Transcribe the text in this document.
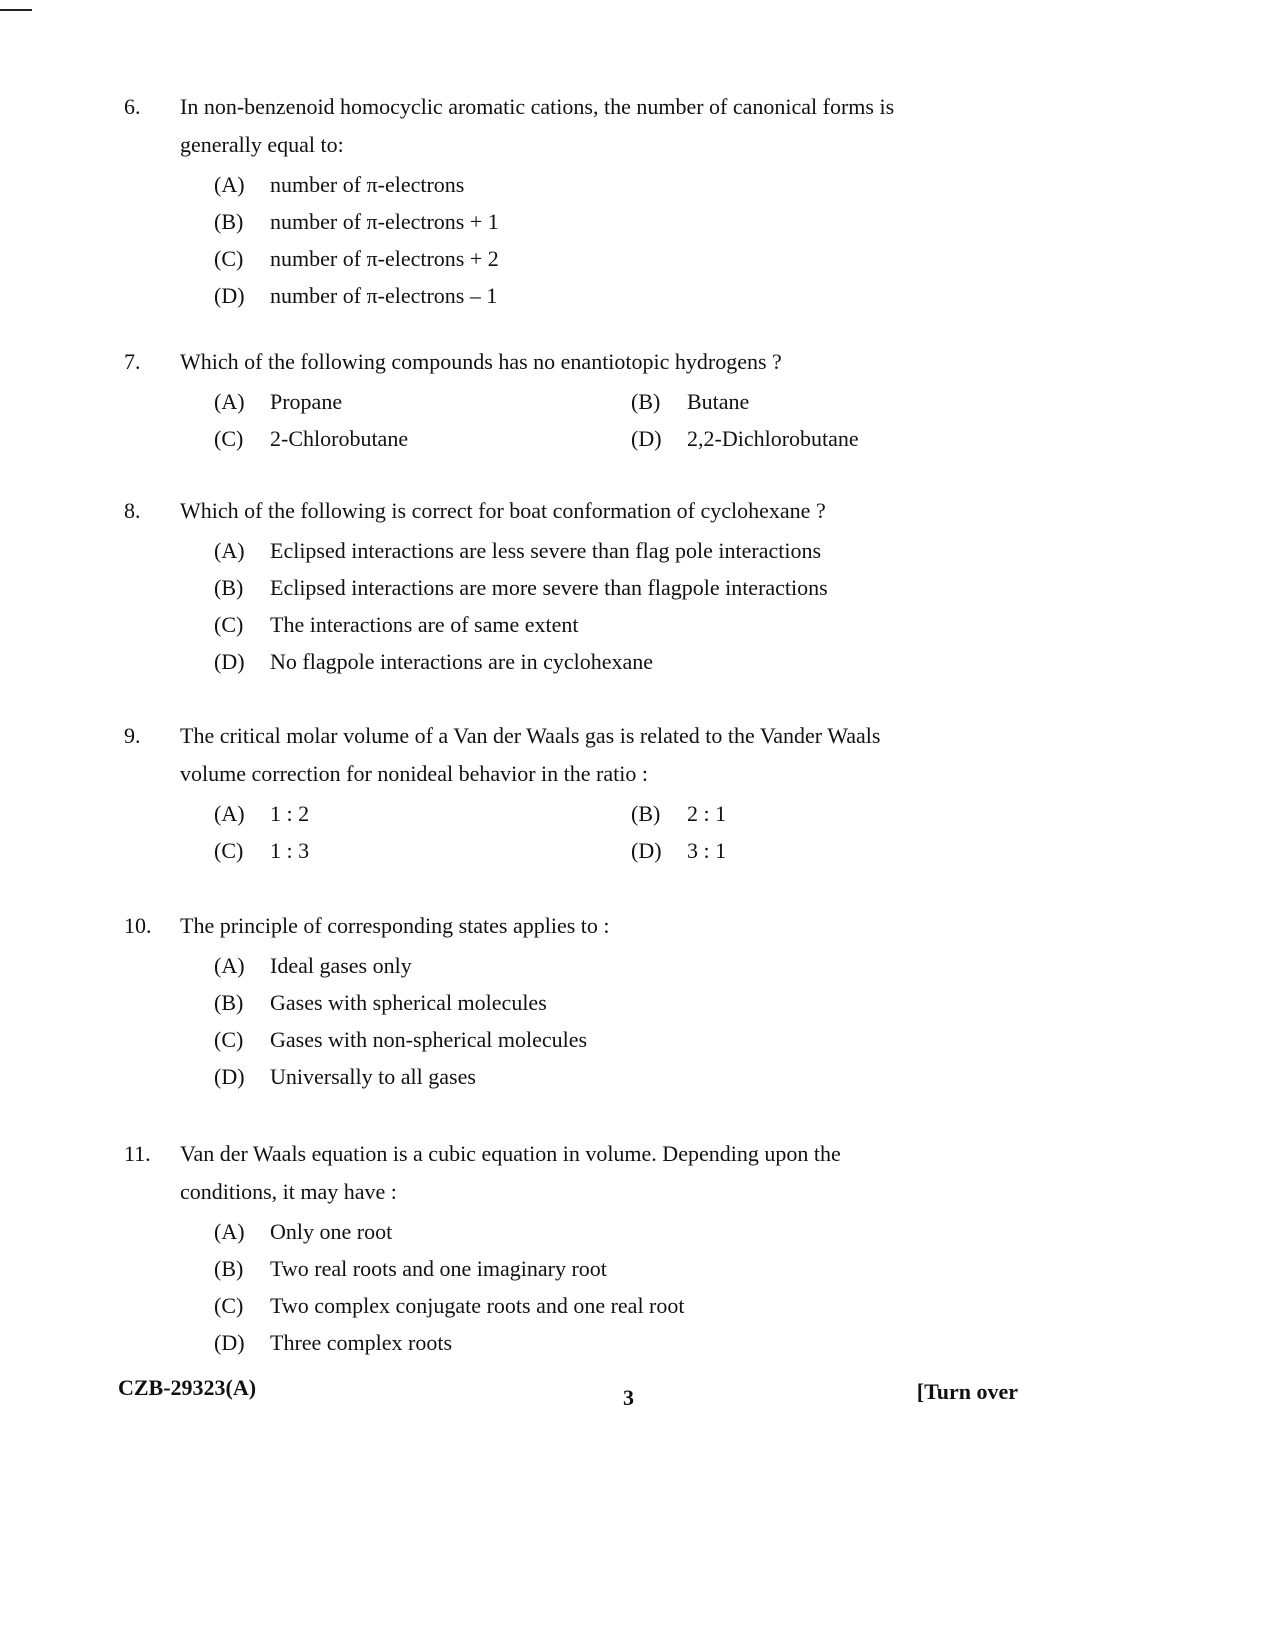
6.	In non-benzenoid homocyclic aromatic cations, the number of canonical forms is generally equal to:
(A)	number of π-electrons
(B)	number of π-electrons + 1
(C)	number of π-electrons + 2
(D)	number of π-electrons – 1
7.	Which of the following compounds has no enantiotopic hydrogens ?
(A)	Propane	(B)	Butane
(C)	2-Chlorobutane	(D)	2,2-Dichlorobutane
8.	Which of the following is correct for boat conformation of cyclohexane ?
(A)	Eclipsed interactions are less severe than flag pole interactions
(B)	Eclipsed interactions are more severe than flagpole interactions
(C)	The interactions are of same extent
(D)	No flagpole interactions are in cyclohexane
9.	The critical molar volume of a Van der Waals gas is related to the Vander Waals volume correction for nonideal behavior in the ratio :
(A)	1 : 2	(B)	2 : 1
(C)	1 : 3	(D)	3 : 1
10.	The principle of corresponding states applies to :
(A)	Ideal gases only
(B)	Gases with spherical molecules
(C)	Gases with non-spherical molecules
(D)	Universally to all gases
11.	Van der Waals equation is a cubic equation in volume. Depending upon the conditions, it may have :
(A)	Only one root
(B)	Two real roots and one imaginary root
(C)	Two complex conjugate roots and one real root
(D)	Three complex roots
CZB-29323(A)	3	[Turn over
